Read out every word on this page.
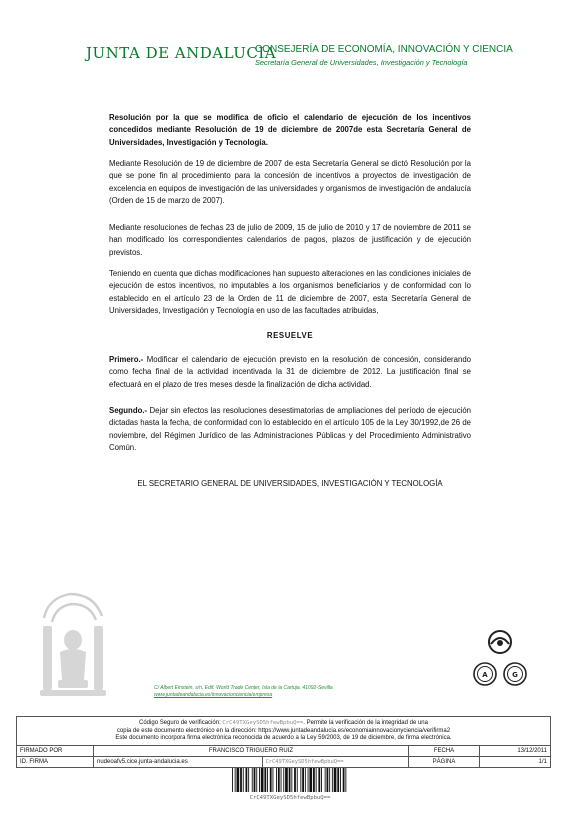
JUNTA DE ANDALUCIA
CONSEJERÍA DE ECONOMÍA, INNOVACIÓN Y CIENCIA
Secretaría General de Universidades, Investigación y Tecnología
Resolución por la que se modifica de oficio el calendario de ejecución de los incentivos concedidos mediante Resolución de 19 de diciembre de 2007de esta Secretaría General de Universidades, Investigación y Tecnología.
Mediante Resolución de 19 de diciembre de 2007 de esta Secretaría General se dictó Resolución por la que se pone fin al procedimiento para la concesión de incentivos a proyectos de investigación de excelencia en equipos de investigación de las universidades y organismos de investigación de andalucía (Orden de 15 de marzo de 2007).
Mediante resoluciones de fechas 23 de julio de 2009, 15 de julio de 2010 y 17 de noviembre de 2011 se han modificado los correspondientes calendarios de pagos, plazos de justificación y de ejecución previstos.
Teniendo en cuenta que dichas modificaciones han supuesto alteraciones en las condiciones iniciales de ejecución de estos incentivos, no imputables a los organismos beneficiarios y de conformidad con lo establecido en el artículo 23 de la Orden de 11 de diciembre de 2007, esta Secretaría General de Universidades, Investigación y Tecnología en uso de las facultades atribuidas,
RESUELVE
Primero.- Modificar el calendario de ejecución previsto en la resolución de concesión, considerando como fecha final de la actividad incentivada la 31 de diciembre de 2012. La justificación final se efectuará en el plazo de tres meses desde la finalización de dicha actividad.
Segundo.- Dejar sin efectos las resoluciones desestimatorias de ampliaciones del período de ejecución dictadas hasta la fecha, de conformidad con lo establecido en el artículo 105 de la Ley 30/1992,de 26 de noviembre, del Régimen Jurídico de las Administraciones Públicas y del Procedimiento Administrativo Común.
EL SECRETARIO GENERAL DE UNIVERSIDADES, INVESTIGACIÓN Y TECNOLOGÍA
C/ Albert Einstein, s/n, Edif. World Trade Center, Isla de la Cartuja. 41092-Sevilla
www.juntadeandalucia.es/innovacionciencia/empresa
A	G
Código Seguro de verificación: CrC49TXGeySD5hfewBpbuQ==. Permite la verificación de la integridad de una
copia de este documento electrónico en la dirección: https://www.juntadeandalucia.es/economiainnovacionyciencia/verifirma2
Este documento incorpora firma electrónica reconocida de acuerdo a la Ley 59/2003, de 19 de diciembre, de firma electrónica.
FIRMADO POR	FRANCISCO TRIGUERO RUIZ		FECHA	13/12/2011
ID. FIRMA	nudeoafv5.cice.junta-andalucia.es	CrC49TXGeySD5hfewBpbuQ==	PÁGINA	1/1
CrC49TXGeySD5hfewBpbuQ==
